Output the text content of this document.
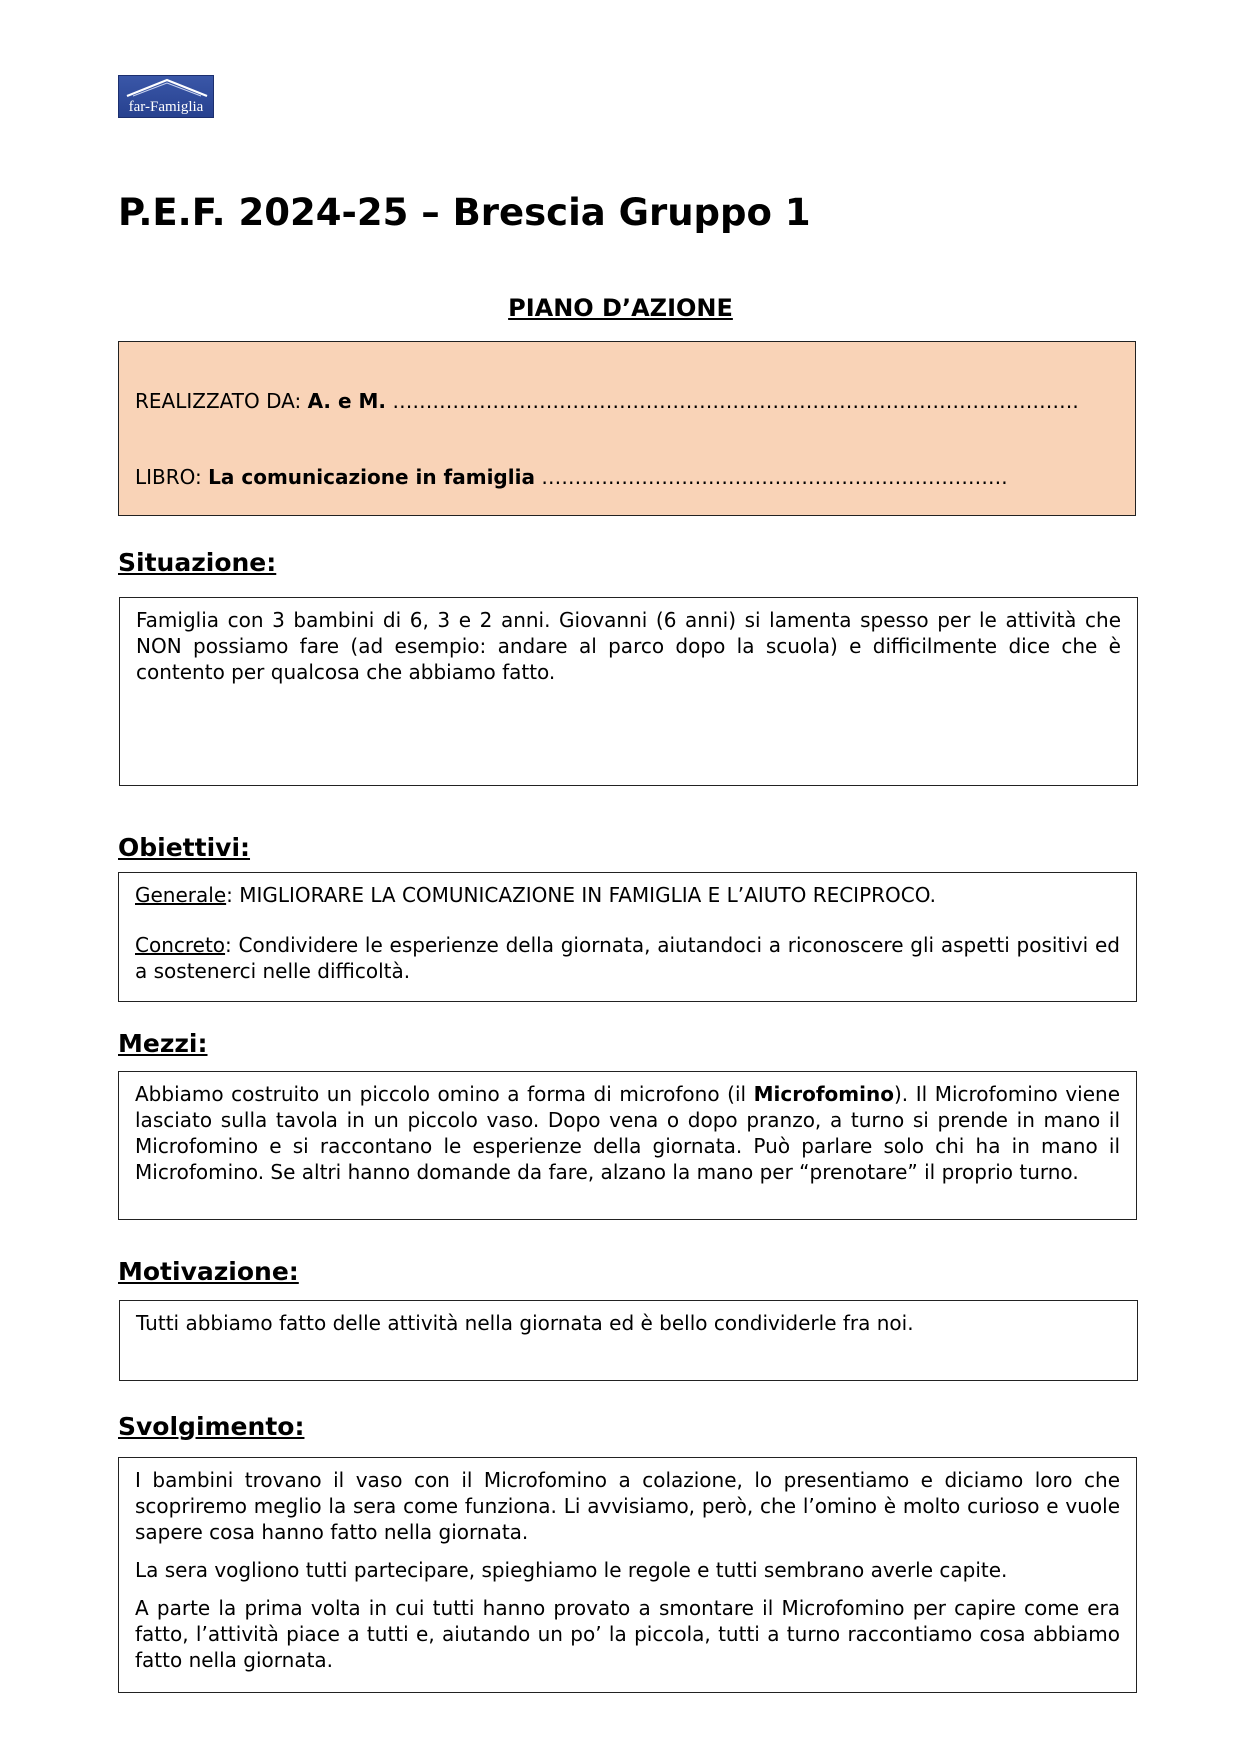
far-Famiglia
P.E.F. 2024-25 – Brescia Gruppo 1
PIANO D’AZIONE

REALIZZATO DA: A. e M. ………………………………………………………………………………………….

LIBRO: La comunicazione in famiglia …………………………………………………………….

Situazione:

Famiglia con 3 bambini di 6, 3 e 2 anni. Giovanni (6 anni) si lamenta spesso per le attività che NON possiamo fare (ad esempio: andare al parco dopo la scuola) e difficilmente dice che è contento per qualcosa che abbiamo fatto.

Obiettivi:

Generale: MIGLIORARE LA COMUNICAZIONE IN FAMIGLIA E L’AIUTO RECIPROCO.

Concreto: Condividere le esperienze della giornata, aiutandoci a riconoscere gli aspetti positivi ed a sostenerci nelle difficoltà.

Mezzi:

Abbiamo costruito un piccolo omino a forma di microfono (il Microfomino). Il Microfomino viene lasciato sulla tavola in un piccolo vaso. Dopo vena o dopo pranzo, a turno si prende in mano il Microfomino e si raccontano le esperienze della giornata. Può parlare solo chi ha in mano il Microfomino. Se altri hanno domande da fare, alzano la mano per “prenotare” il proprio turno.

Motivazione:

Tutti abbiamo fatto delle attività nella giornata ed è bello condividerle fra noi.

Svolgimento:

I bambini trovano il vaso con il Microfomino a colazione, lo presentiamo e diciamo loro che scopriremo meglio la sera come funziona. Li avvisiamo, però, che l’omino è molto curioso e vuole sapere cosa hanno fatto nella giornata.

La sera vogliono tutti partecipare, spieghiamo le regole e tutti sembrano averle capite.

A parte la prima volta in cui tutti hanno provato a smontare il Microfomino per capire come era fatto, l’attività piace a tutti e, aiutando un po’ la piccola, tutti a turno raccontiamo cosa abbiamo fatto nella giornata.
